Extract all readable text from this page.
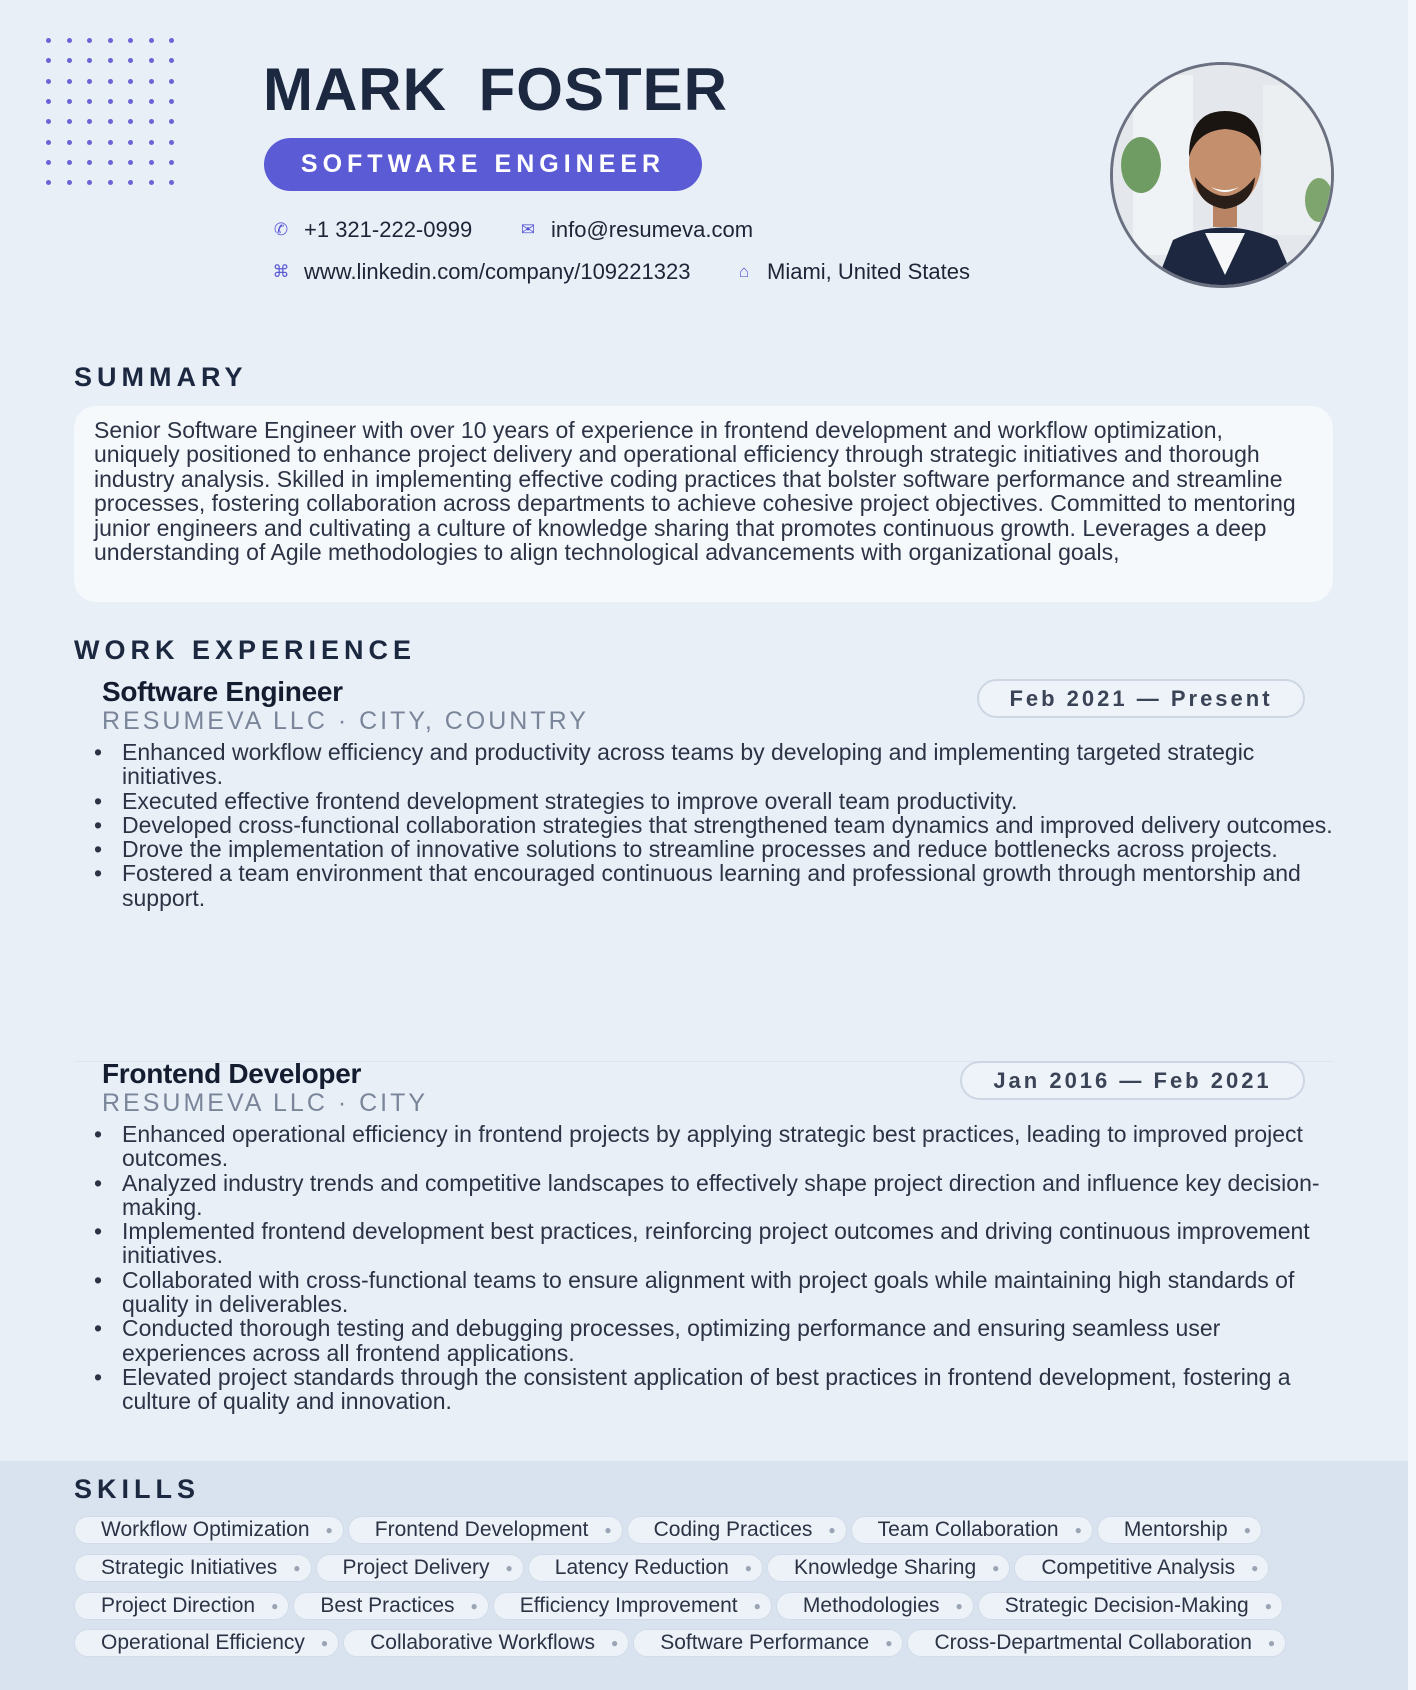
MARK FOSTER
SOFTWARE ENGINEER
✆ +1 321-222-0999	✉ info@resumeva.com
⌘ www.linkedin.com/company/109221323	⌂ Miami, United States
SUMMARY
Senior Software Engineer with over 10 years of experience in frontend development and workflow optimization, uniquely positioned to enhance project delivery and operational efficiency through strategic initiatives and thorough industry analysis. Skilled in implementing effective coding practices that bolster software performance and streamline processes, fostering collaboration across departments to achieve cohesive project objectives. Committed to mentoring junior engineers and cultivating a culture of knowledge sharing that promotes continuous growth. Leverages a deep understanding of Agile methodologies to align technological advancements with organizational goals,
WORK EXPERIENCE
Software Engineer
RESUMEVA LLC · CITY, COUNTRY
Feb 2021 — Present
• Enhanced workflow efficiency and productivity across teams by developing and implementing targeted strategic initiatives.
• Executed effective frontend development strategies to improve overall team productivity.
• Developed cross-functional collaboration strategies that strengthened team dynamics and improved delivery outcomes.
• Drove the implementation of innovative solutions to streamline processes and reduce bottlenecks across projects.
• Fostered a team environment that encouraged continuous learning and professional growth through mentorship and support.
Frontend Developer
RESUMEVA LLC · CITY
Jan 2016 — Feb 2021
• Enhanced operational efficiency in frontend projects by applying strategic best practices, leading to improved project outcomes.
• Analyzed industry trends and competitive landscapes to effectively shape project direction and influence key decision-making.
• Implemented frontend development best practices, reinforcing project outcomes and driving continuous improvement initiatives.
• Collaborated with cross-functional teams to ensure alignment with project goals while maintaining high standards of quality in deliverables.
• Conducted thorough testing and debugging processes, optimizing performance and ensuring seamless user experiences across all frontend applications.
• Elevated project standards through the consistent application of best practices in frontend development, fostering a culture of quality and innovation.
SKILLS
Workflow Optimization ● Frontend Development ● Coding Practices ● Team Collaboration ● Mentorship ●
Strategic Initiatives ● Project Delivery ● Latency Reduction ● Knowledge Sharing ● Competitive Analysis ●
Project Direction ● Best Practices ● Efficiency Improvement ● Methodologies ● Strategic Decision-Making ●
Operational Efficiency ● Collaborative Workflows ● Software Performance ● Cross-Departmental Collaboration ●
